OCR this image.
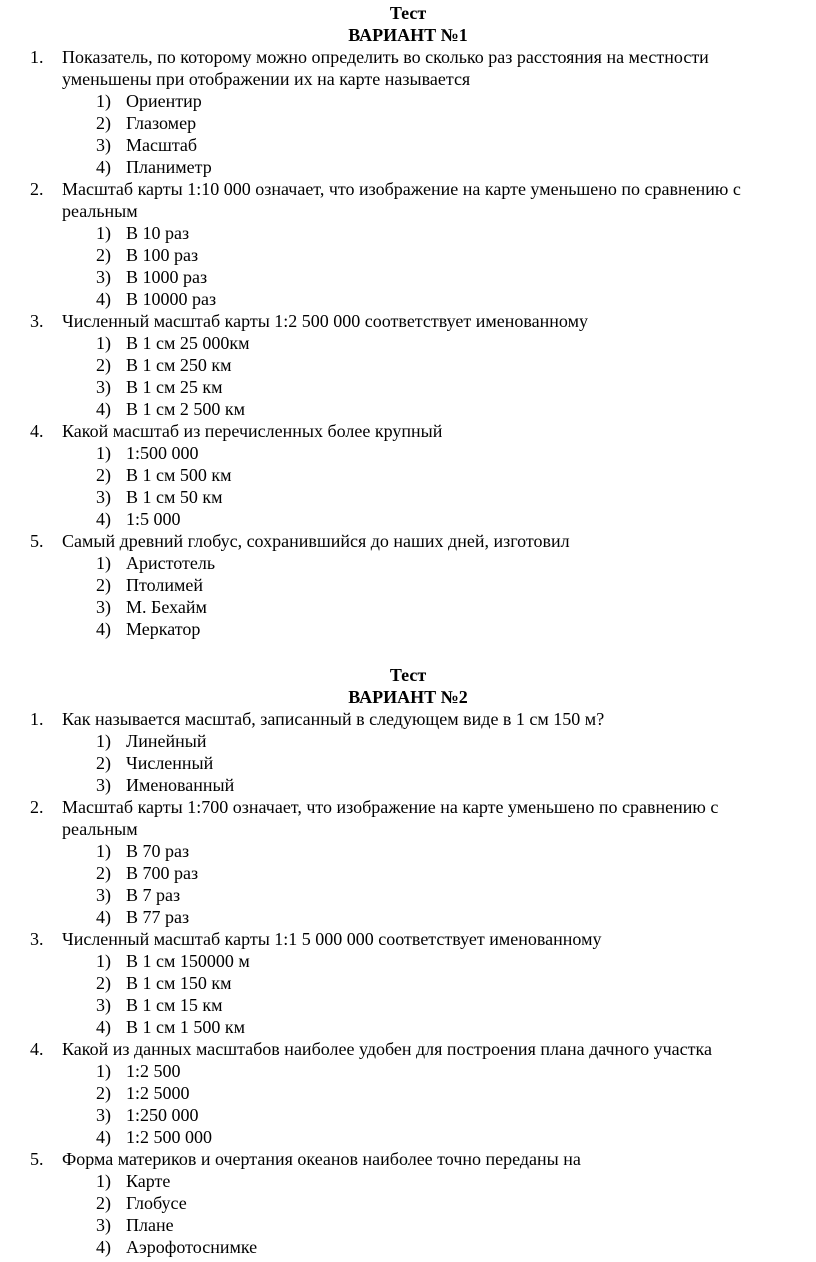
Тест
ВАРИАНТ №1
1. Показатель, по которому можно определить во сколько раз расстояния на местности уменьшены при отображении их на карте называется
1) Ориентир
2) Глазомер
3) Масштаб
4) Планиметр
2. Масштаб карты 1:10 000 означает, что изображение на карте уменьшено по сравнению с реальным
1) В 10 раз
2) В 100 раз
3) В 1000 раз
4) В 10000 раз
3. Численный масштаб карты 1:2 500 000 соответствует именованному
1) В 1 см 25 000км
2) В 1 см 250 км
3) В 1 см 25 км
4) В 1 см 2 500 км
4. Какой масштаб из перечисленных более крупный
1) 1:500 000
2) В 1 см 500 км
3) В 1 см 50 км
4) 1:5 000
5. Самый древний глобус, сохранившийся до наших дней, изготовил
1) Аристотель
2) Птолимей
3) М. Бехайм
4) Меркатор
Тест
ВАРИАНТ №2
1. Как называется масштаб, записанный в следующем виде в 1 см 150 м?
1) Линейный
2) Численный
3) Именованный
2. Масштаб карты 1:700 означает, что изображение на карте уменьшено по сравнению с реальным
1) В 70 раз
2) В 700 раз
3) В 7 раз
4) В 77 раз
3. Численный масштаб карты 1:1 5 000 000 соответствует именованному
1) В 1 см 150000 м
2) В 1 см 150 км
3) В 1 см 15 км
4) В 1 см 1 500 км
4. Какой из данных масштабов наиболее удобен для построения плана дачного участка
1) 1:2 500
2) 1:2 5000
3) 1:250 000
4) 1:2 500 000
5. Форма материков и очертания океанов наиболее точно переданы на
1) Карте
2) Глобусе
3) Плане
4) Аэрофотоснимке
